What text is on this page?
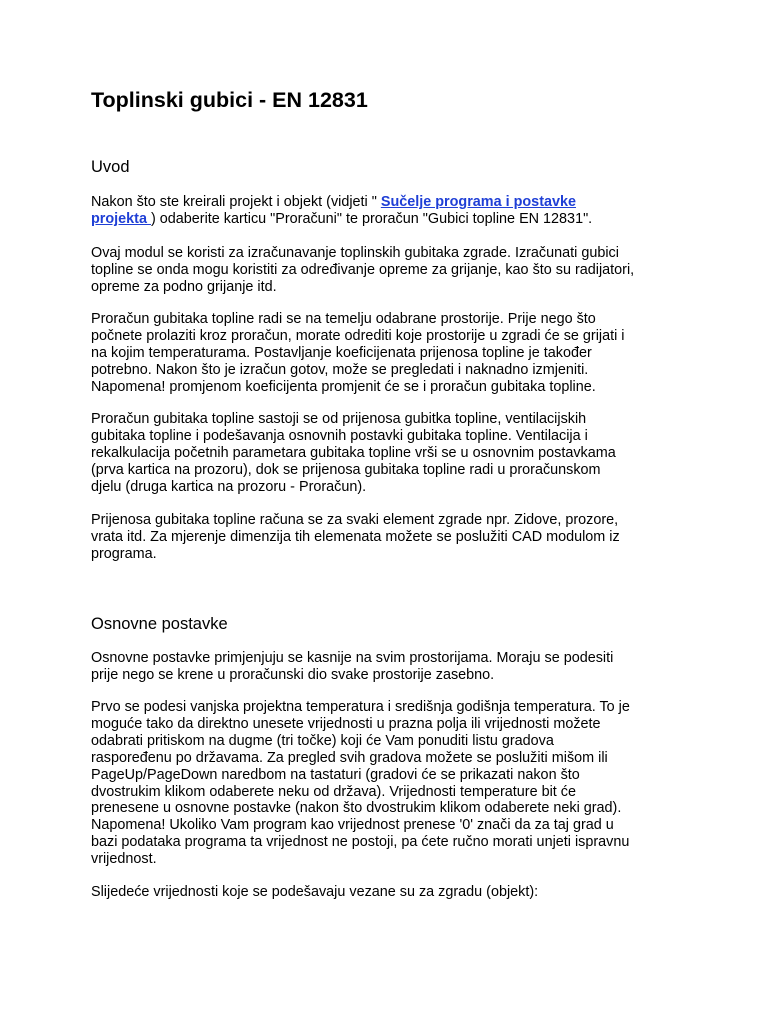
Toplinski gubici - EN 12831
Uvod

Nakon što ste kreirali projekt i objekt (vidjeti " Sučelje programa i postavke
projekta ) odaberite karticu "Proračuni" te proračun "Gubici topline EN 12831".

Ovaj modul se koristi za izračunavanje toplinskih gubitaka zgrade. Izračunati gubici
topline se onda mogu koristiti za određivanje opreme za grijanje, kao što su radijatori,
opreme za podno grijanje itd.

Proračun gubitaka topline radi se na temelju odabrane prostorije. Prije nego što
počnete prolaziti kroz proračun, morate odrediti koje prostorije u zgradi će se grijati i
na kojim temperaturama. Postavljanje koeficijenata prijenosa topline je također
potrebno. Nakon što je izračun gotov, može se pregledati i naknadno izmjeniti.
Napomena! promjenom koeficijenta promjenit će se i proračun gubitaka topline.

Proračun gubitaka topline sastoji se od prijenosa gubitka topline, ventilacijskih
gubitaka topline i podešavanja osnovnih postavki gubitaka topline. Ventilacija i
rekalkulacija početnih parametara gubitaka topline vrši se u osnovnim postavkama
(prva kartica na prozoru), dok se prijenosa gubitaka topline radi u proračunskom
djelu (druga kartica na prozoru - Proračun).

Prijenosa gubitaka topline računa se za svaki element zgrade npr. Zidove, prozore,
vrata itd. Za mjerenje dimenzija tih elemenata možete se poslužiti CAD modulom iz
programa.

Osnovne postavke

Osnovne postavke primjenjuju se kasnije na svim prostorijama. Moraju se podesiti
prije nego se krene u proračunski dio svake prostorije zasebno.

Prvo se podesi vanjska projektna temperatura i središnja godišnja temperatura. To je
moguće tako da direktno unesete vrijednosti u prazna polja ili vrijednosti možete
odabrati pritiskom na dugme (tri točke) koji će Vam ponuditi listu gradova
raspoređenu po državama. Za pregled svih gradova možete se poslužiti mišom ili
PageUp/PageDown naredbom na tastaturi (gradovi će se prikazati nakon što
dvostrukim klikom odaberete neku od država). Vrijednosti temperature bit će
prenesene u osnovne postavke (nakon što dvostrukim klikom odaberete neki grad).
Napomena! Ukoliko Vam program kao vrijednost prenese '0' znači da za taj grad u
bazi podataka programa ta vrijednost ne postoji, pa ćete ručno morati unjeti ispravnu
vrijednost.

Slijedeće vrijednosti koje se podešavaju vezane su za zgradu (objekt):
